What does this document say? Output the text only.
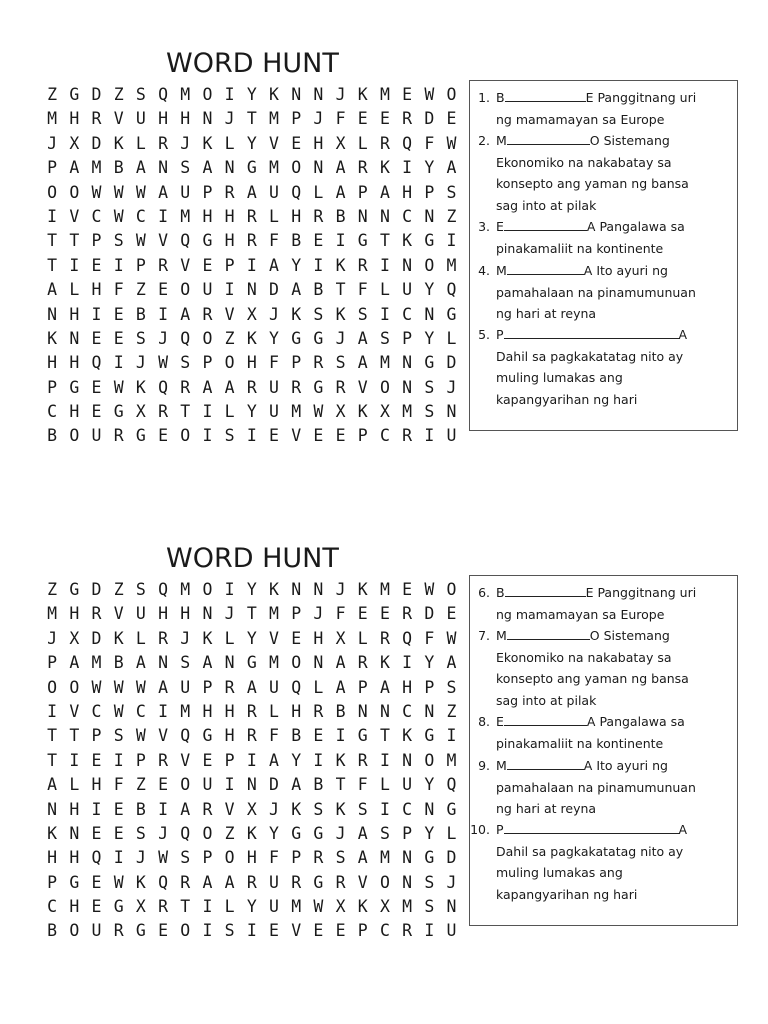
WORD HUNT
Z G D Z S Q M O I Y K N N J K M E W O
M H R V U H H N J T M P J F E E R D E
J X D K L R J K L Y V E H X L R Q F W
P A M B A N S A N G M O N A R K I Y A
O O W W W A U P R A U Q L A P A H P S
I V C W C I M H H R L H R B N N C N Z
T T P S W V Q G H R F B E I G T K G I
T I E I P R V E P I A Y I K R I N O M
A L H F Z E O U I N D A B T F L U Y Q
N H I E B I A R V X J K S K S I C N G
K N E E S J Q O Z K Y G G J A S P Y L
H H Q I J W S P O H F P R S A M N G D
P G E W K Q R A A R U R G R V O N S J
C H E G X R T I L Y U M W X K X M S N
B O U R G E O I S I E V E E P C R I U
1. B	E Panggitnang uri
ng mamamayan sa Europe
2. M	O Sistemang
Ekonomiko na nakabatay sa
konsepto ang yaman ng bansa
sag into at pilak
3. E	A Pangalawa sa
pinakamaliit na kontinente
4. M	A Ito ayuri ng
pamahalaan na pinamumunuan
ng hari at reyna
5. P	A
Dahil sa pagkakatatag nito ay
muling lumakas ang
kapangyarihan ng hari
WORD HUNT
Z G D Z S Q M O I Y K N N J K M E W O
M H R V U H H N J T M P J F E E R D E
J X D K L R J K L Y V E H X L R Q F W
P A M B A N S A N G M O N A R K I Y A
O O W W W A U P R A U Q L A P A H P S
I V C W C I M H H R L H R B N N C N Z
T T P S W V Q G H R F B E I G T K G I
T I E I P R V E P I A Y I K R I N O M
A L H F Z E O U I N D A B T F L U Y Q
N H I E B I A R V X J K S K S I C N G
K N E E S J Q O Z K Y G G J A S P Y L
H H Q I J W S P O H F P R S A M N G D
P G E W K Q R A A R U R G R V O N S J
C H E G X R T I L Y U M W X K X M S N
B O U R G E O I S I E V E E P C R I U
6. B	E Panggitnang uri
ng mamamayan sa Europe
7. M	O Sistemang
Ekonomiko na nakabatay sa
konsepto ang yaman ng bansa
sag into at pilak
8. E	A Pangalawa sa
pinakamaliit na kontinente
9. M	A Ito ayuri ng
pamahalaan na pinamumunuan
ng hari at reyna
10. P	A
Dahil sa pagkakatatag nito ay
muling lumakas ang
kapangyarihan ng hari
